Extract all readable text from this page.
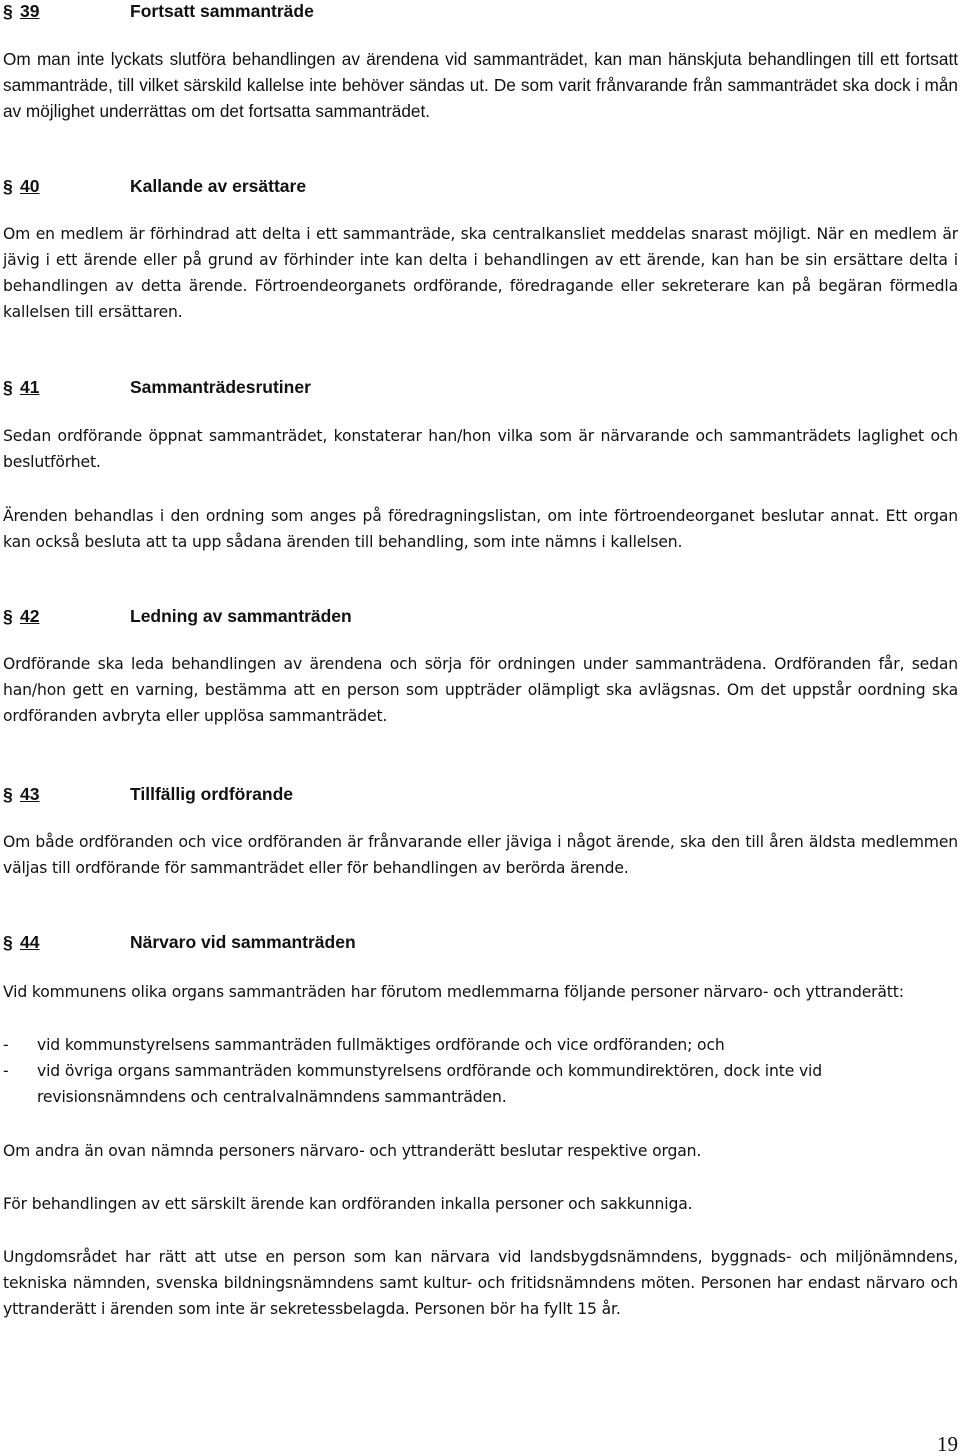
§ 39	Fortsatt sammanträde
Om man inte lyckats slutföra behandlingen av ärendena vid sammanträdet, kan man hänskjuta behandlingen till ett fortsatt sammanträde, till vilket särskild kallelse inte behöver sändas ut. De som varit frånvarande från sammanträdet ska dock i mån av möjlighet underrättas om det fortsatta sammanträdet.
§ 40	Kallande av ersättare
Om en medlem är förhindrad att delta i ett sammanträde, ska centralkansliet meddelas snarast möjligt. När en medlem är jävig i ett ärende eller på grund av förhinder inte kan delta i behandlingen av ett ärende, kan han be sin ersättare delta i behandlingen av detta ärende. Förtroendeorganets ordförande, föredragande eller sekreterare kan på begäran förmedla kallelsen till ersättaren.
§ 41	Sammanträdesrutiner
Sedan ordförande öppnat sammanträdet, konstaterar han/hon vilka som är närvarande och sammanträdets laglighet och beslutförhet.
Ärenden behandlas i den ordning som anges på föredragningslistan, om inte förtroendeorganet beslutar annat. Ett organ kan också besluta att ta upp sådana ärenden till behandling, som inte nämns i kallelsen.
§ 42	Ledning av sammanträden
Ordförande ska leda behandlingen av ärendena och sörja för ordningen under sammanträdena. Ordföranden får, sedan han/hon gett en varning, bestämma att en person som uppträder olämpligt ska avlägsnas. Om det uppstår oordning ska ordföranden avbryta eller upplösa sammanträdet.
§ 43	Tillfällig ordförande
Om både ordföranden och vice ordföranden är frånvarande eller jäviga i något ärende, ska den till åren äldsta medlemmen väljas till ordförande för sammanträdet eller för behandlingen av berörda ärende.
§ 44	Närvaro vid sammanträden
Vid kommunens olika organs sammanträden har förutom medlemmarna följande personer närvaro- och yttranderätt:
- vid kommunstyrelsens sammanträden fullmäktiges ordförande och vice ordföranden; och
- vid övriga organs sammanträden kommunstyrelsens ordförande och kommundirektören, dock inte vid revisionsnämndens och centralvalnämndens sammanträden.
Om andra än ovan nämnda personers närvaro- och yttranderätt beslutar respektive organ.
För behandlingen av ett särskilt ärende kan ordföranden inkalla personer och sakkunniga.
Ungdomsrådet har rätt att utse en person som kan närvara vid landsbygdsnämndens, byggnads- och miljönämndens, tekniska nämnden, svenska bildningsnämndens samt kultur- och fritidsnämndens möten. Personen har endast närvaro och yttranderätt i ärenden som inte är sekretessbelagda. Personen bör ha fyllt 15 år.
19
